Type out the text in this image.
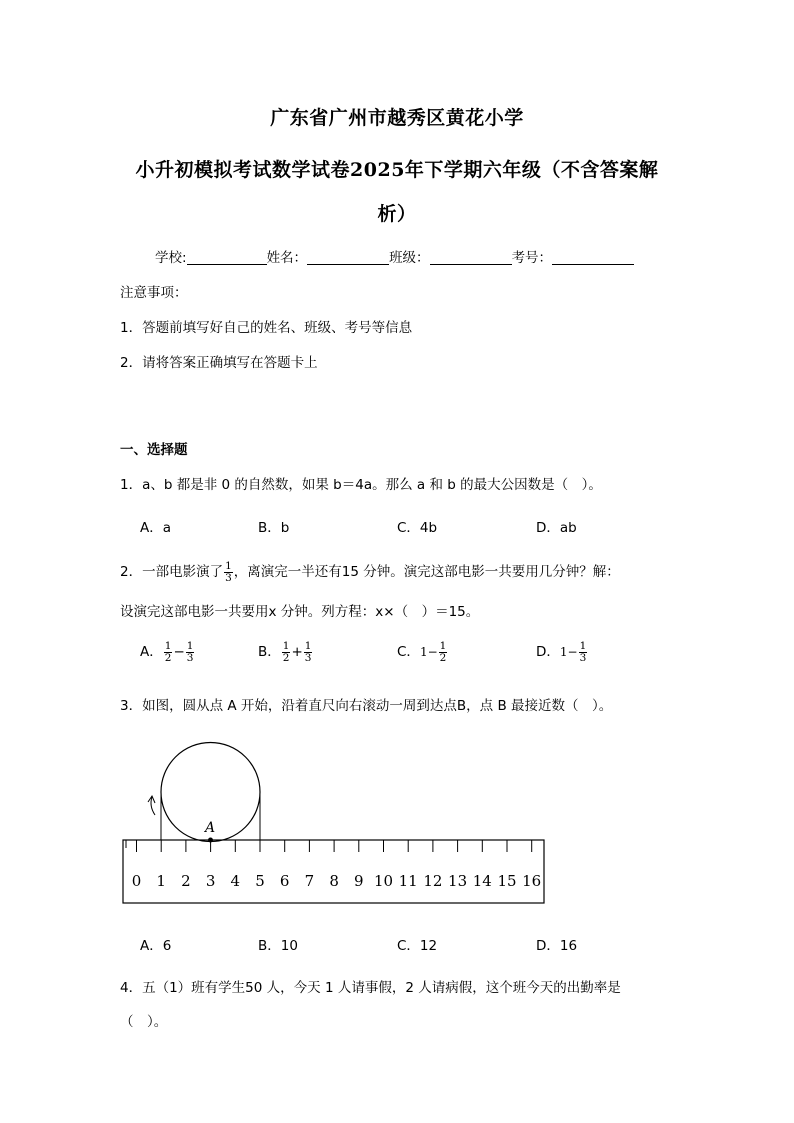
广东省广州市越秀区黄花小学
小升初模拟考试数学试卷2025年下学期六年级（不含答案解
析）
学校:	姓名：	班级：	考号：
注意事项：
1．答题前填写好自己的姓名、班级、考号等信息
2．请将答案正确填写在答题卡上
一、选择题
1．a、b 都是非 0 的自然数，如果 b＝4a。那么 a 和 b 的最大公因数是（　）。
A．a	B．b	C．4b	D．ab
2．一部电影演了 $\frac{1}{3}$ ，离演完一半还有15 分钟。演完这部电影一共要用几分钟？解：
设演完这部电影一共要用x 分钟。列方程：x×（　）＝15。
A． $\frac{1}{2} - \frac{1}{3}$	B． $\frac{1}{2} + \frac{1}{3}$	C．$1- \frac{1}{2}$	D．$1- \frac{1}{3}$
3．如图，圆从点 A 开始，沿着直尺向右滚动一周到达点B，点 B 最接近数（　）。
A
0 1 2 3 4 5 6 7 8 9 10 11 12 13 14 15 16
A．6	B．10	C．12	D．16
4．五（1）班有学生50 人，今天 1 人请事假，2 人请病假，这个班今天的出勤率是
（　）。
